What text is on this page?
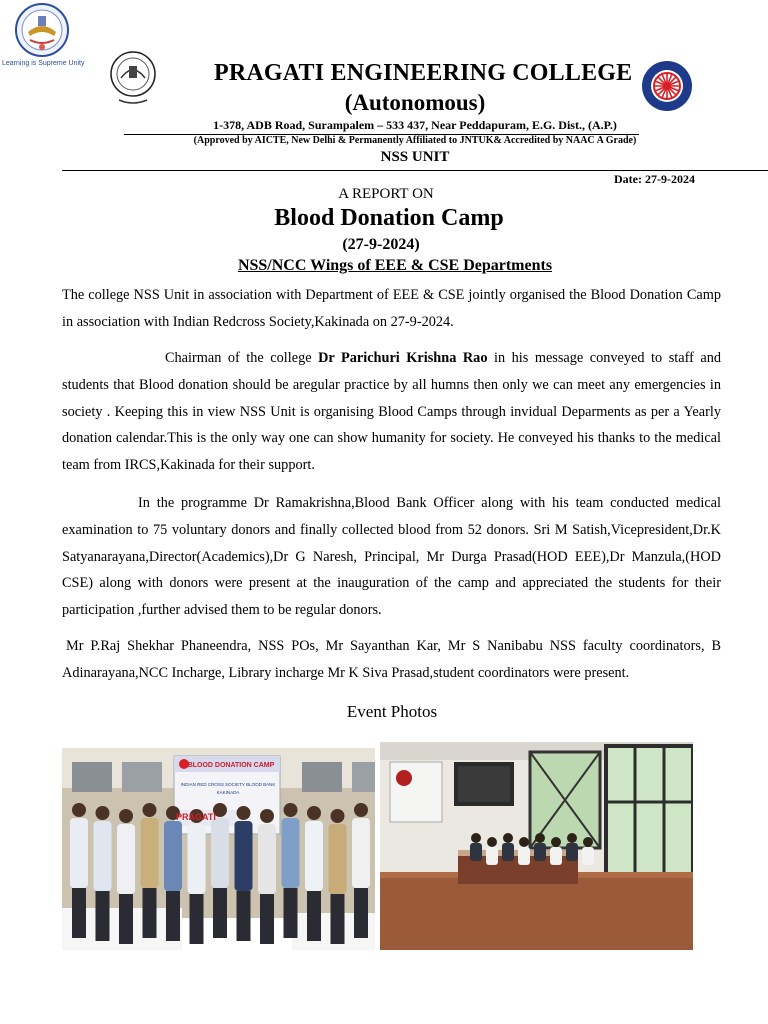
Learning is Supreme Unity	PRAGATI ENGINEERING COLLEGE
(Autonomous)
1-378, ADB Road, Surampalem – 533 437, Near Peddapuram, E.G. Dist., (A.P.)
(Approved by AICTE, New Delhi & Permanently Affiliated to JNTUK& Accredited by NAAC A Grade)
NSS UNIT
Date: 27-9-2024
A REPORT ON
Blood Donation Camp
(27-9-2024)
NSS/NCC Wings of EEE & CSE Departments

The college NSS Unit in association with Department of EEE & CSE jointly organised the Blood Donation Camp in association with Indian Redcross Society,Kakinada on 27-9-2024.

Chairman of the college Dr Parichuri Krishna Rao in his message conveyed to staff and students that Blood donation should be aregular practice by all humns then only we can meet any emergencies in society . Keeping this in view NSS Unit is organising Blood Camps through invidual Deparments as per a Yearly donation calendar.This is the only way one can show humanity for society. He conveyed his thanks to the medical team from IRCS,Kakinada for their support.

In the programme Dr Ramakrishna,Blood Bank Officer along with his team conducted medical examination to 75 voluntary donors and finally collected blood from 52 donors. Sri M Satish,Vicepresident,Dr.K Satyanarayana,Director(Academics),Dr G Naresh, Principal, Mr Durga Prasad(HOD EEE),Dr Manzula,(HOD CSE) along with donors were present at the inauguration of the camp and appreciated the students for their participation ,further advised them to be regular donors.

Mr P.Raj Shekhar Phaneendra, NSS POs, Mr Sayanthan Kar, Mr S Nanibabu NSS faculty coordinators, B Adinarayana,NCC Incharge, Library incharge Mr K Siva Prasad,student coordinators were present.

Event Photos
BLOOD DONATION CAMP
INDIAN RED CROSS SOCIETY BLOOD BANK
KAKINADA
PRAGATI
